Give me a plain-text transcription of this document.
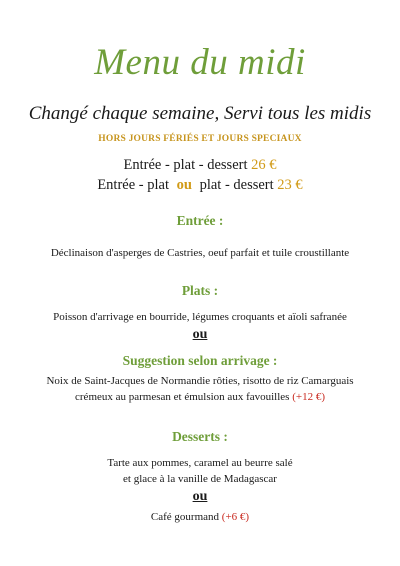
Menu du midi
Changé chaque semaine, Servi tous les midis
HORS JOURS FÉRIÉS ET JOURS SPECIAUX
Entrée - plat - dessert 26 €
Entrée - plat ou plat - dessert 23 €
Entrée :
Déclinaison d'asperges de Castries, oeuf parfait et tuile croustillante
Plats :
Poisson d'arrivage en bourride, légumes croquants et aïoli safranée
ou
Suggestion selon arrivage :
Noix de Saint-Jacques de Normandie rôties, risotto de riz Camarguais
crémeux au parmesan et émulsion aux favouilles (+12 €)
Desserts :
Tarte aux pommes, caramel au beurre salé
et glace à la vanille de Madagascar
ou
Café gourmand (+6 €)
